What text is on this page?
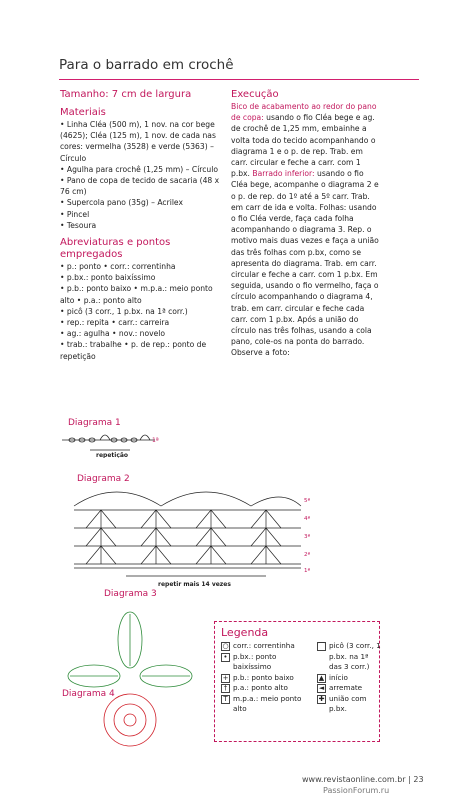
Para o barrado em crochê
Tamanho: 7 cm de largura
Materiais
• Linha Cléa (500 m), 1 nov. na cor bege (4625); Cléa (125 m), 1 nov. de cada nas cores: vermelha (3528) e verde (5363) – Círculo
• Agulha para crochê (1,25 mm) – Círculo
• Pano de copa de tecido de sacaria (48 x 76 cm)
• Supercola pano (35g) – Acrilex
• Pincel
• Tesoura
Abreviaturas e pontos empregados
• p.: ponto • corr.: correntinha
• p.bx.: ponto baixíssimo
• p.b.: ponto baixo • m.p.a.: meio ponto alto • p.a.: ponto alto
• picô (3 corr., 1 p.bx. na 1ª corr.)
• rep.: repita • carr.: carreira
• ag.: agulha • nov.: novelo
• trab.: trabalhe • p. de rep.: ponto de repetição
Execução
Bico de acabamento ao redor do pano de copa: usando o fio Cléa bege e ag. de crochê de 1,25 mm, embainhe a volta toda do tecido acompanhando o diagrama 1 e o p. de rep. Trab. em carr. circular e feche a carr. com 1 p.bx. Barrado inferior: usando o fio Cléa bege, acompanhe o diagrama 2 e o p. de rep. do 1º até a 5º carr. Trab. em carr de ida e volta. Folhas: usando o fio Cléa verde, faça cada folha acompanhando o diagrama 3. Rep. o motivo mais duas vezes e faça a união das três folhas com p.bx, como se apresenta do diagrama. Trab. em carr. circular e feche a carr. com 1 p.bx. Em seguida, usando o fio vermelho, faça o círculo acompanhando o diagrama 4, trab. em carr. circular e feche cada carr. com 1 p.bx. Após a união do círculo nas três folhas, usando a cola pano, cole-os na ponta do barrado. Observe a foto:
Diagrama 1
1ª
repetição
Diagrama 2
5ª
4ª
3ª
2ª
1ª
repetir mais 14 vezes
Diagrama 3
Diagrama 4
Legenda
○ corr.: correntinha
• p.bx.: ponto baixíssimo
+ p.b.: ponto baixo
† p.a.: ponto alto
T m.p.a.: meio ponto alto
⌒ picô (3 corr., 1 p.bx. na 1ª das 3 corr.)
▲ início
◄ arremate
✚ união com p.bx.
www.revistaonline.com.br | 23
PassionForum.ru
